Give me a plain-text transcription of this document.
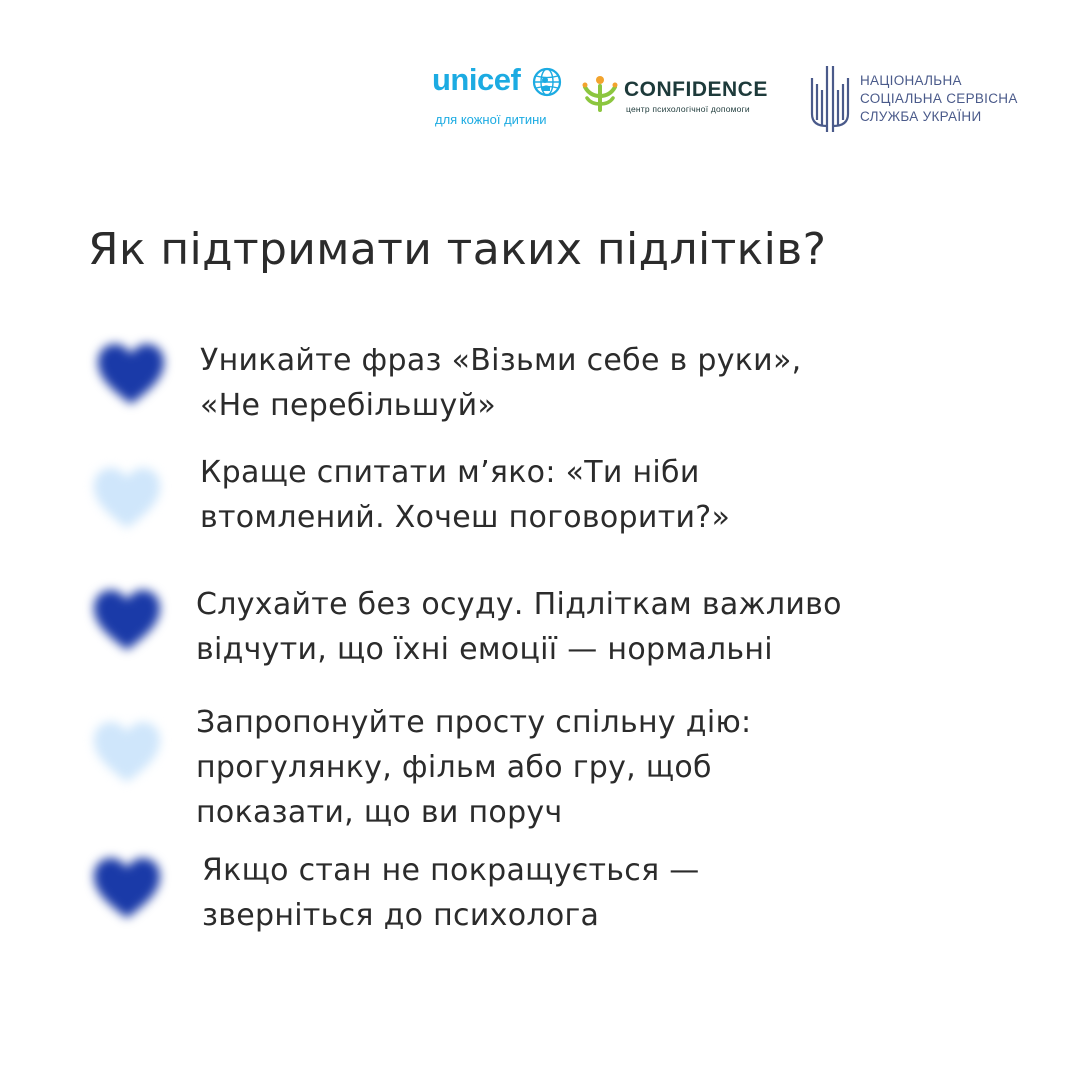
unicef
для кожної дитини
CONFIDENCE
центр психологічної допомоги
НАЦІОНАЛЬНА
СОЦІАЛЬНА СЕРВІСНА
СЛУЖБА УКРАЇНИ
Як підтримати таких підлітків?
Уникайте фраз «Візьми себе в руки»,
«Не перебільшуй»
Краще спитати м’яко: «Ти ніби
втомлений. Хочеш поговорити?»
Слухайте без осуду. Підліткам важливо
відчути, що їхні емоції — нормальні
Запропонуйте просту спільну дію:
прогулянку, фільм або гру, щоб
показати, що ви поруч
Якщо стан не покращується —
зверніться до психолога
